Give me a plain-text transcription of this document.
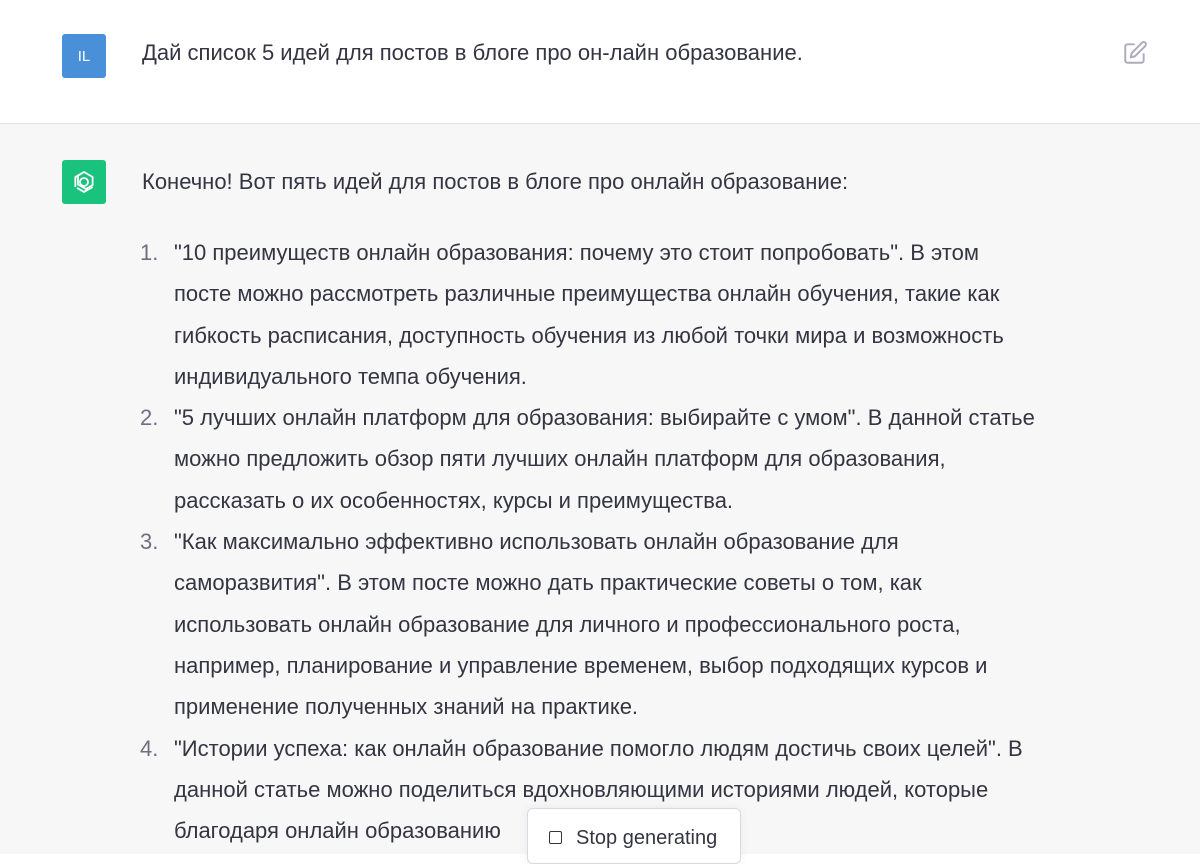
IL Дай список 5 идей для постов в блоге про он-лайн образование.
Конечно! Вот пять идей для постов в блоге про онлайн образование:
1. "10 преимуществ онлайн образования: почему это стоит попробовать". В этом
посте можно рассмотреть различные преимущества онлайн обучения, такие как
гибкость расписания, доступность обучения из любой точки мира и возможность
индивидуального темпа обучения.
2. "5 лучших онлайн платформ для образования: выбирайте с умом". В данной статье
можно предложить обзор пяти лучших онлайн платформ для образования,
рассказать о их особенностях, курсы и преимущества.
3. "Как максимально эффективно использовать онлайн образование для
саморазвития". В этом посте можно дать практические советы о том, как
использовать онлайн образование для личного и профессионального роста,
например, планирование и управление временем, выбор подходящих курсов и
применение полученных знаний на практике.
4. "Истории успеха: как онлайн образование помогло людям достичь своих целей". В
данной статье можно поделиться вдохновляющими историями людей, которые
благодаря онлайн образованию	Stop generating
